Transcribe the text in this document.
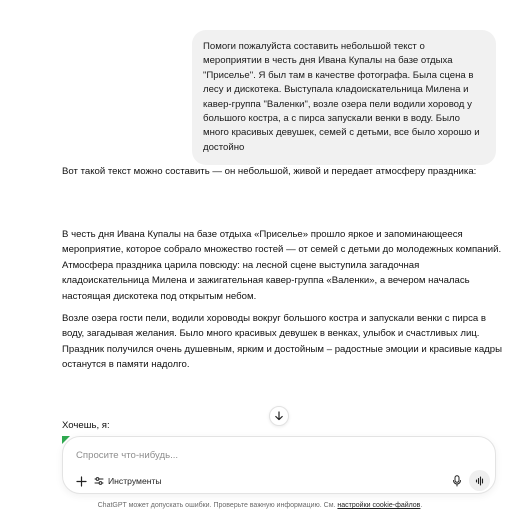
Помоги пожалуйста составить небольшой текст о мероприятии в честь дня Ивана Купалы на базе отдыха "Приселье". Я был там в качестве фотографа. Была сцена в лесу и дискотека. Выступала кладоискательница Милена и кавер-группа "Валенки", возле озера пели водили хоровод у большого костра, а с пирса запускали венки в воду. Было много красивых девушек, семей с детьми, все было хорошо и достойно
Вот такой текст можно составить — он небольшой, живой и передает атмосферу праздника:
В честь дня Ивана Купалы на базе отдыха «Приселье» прошло яркое и запоминающееся мероприятие, которое собрало множество гостей — от семей с детьми до молодежных компаний. Атмосфера праздника царила повсюду: на лесной сцене выступила загадочная кладоискательница Милена и зажигательная кавер-группа «Валенки», а вечером началась настоящая дискотека под открытым небом.
Возле озера гости пели, водили хороводы вокруг большого костра и запускали венки с пирса в воду, загадывая желания. Было много красивых девушек в венках, улыбок и счастливых лиц. Праздник получился очень душевным, ярким и достойным – радостные эмоции и красивые кадры останутся в памяти надолго.
Хочешь, я:
Спросите что-нибудь...
Инструменты
ChatGPT может допускать ошибки. Проверьте важную информацию. См. настройки cookie-файлов.
